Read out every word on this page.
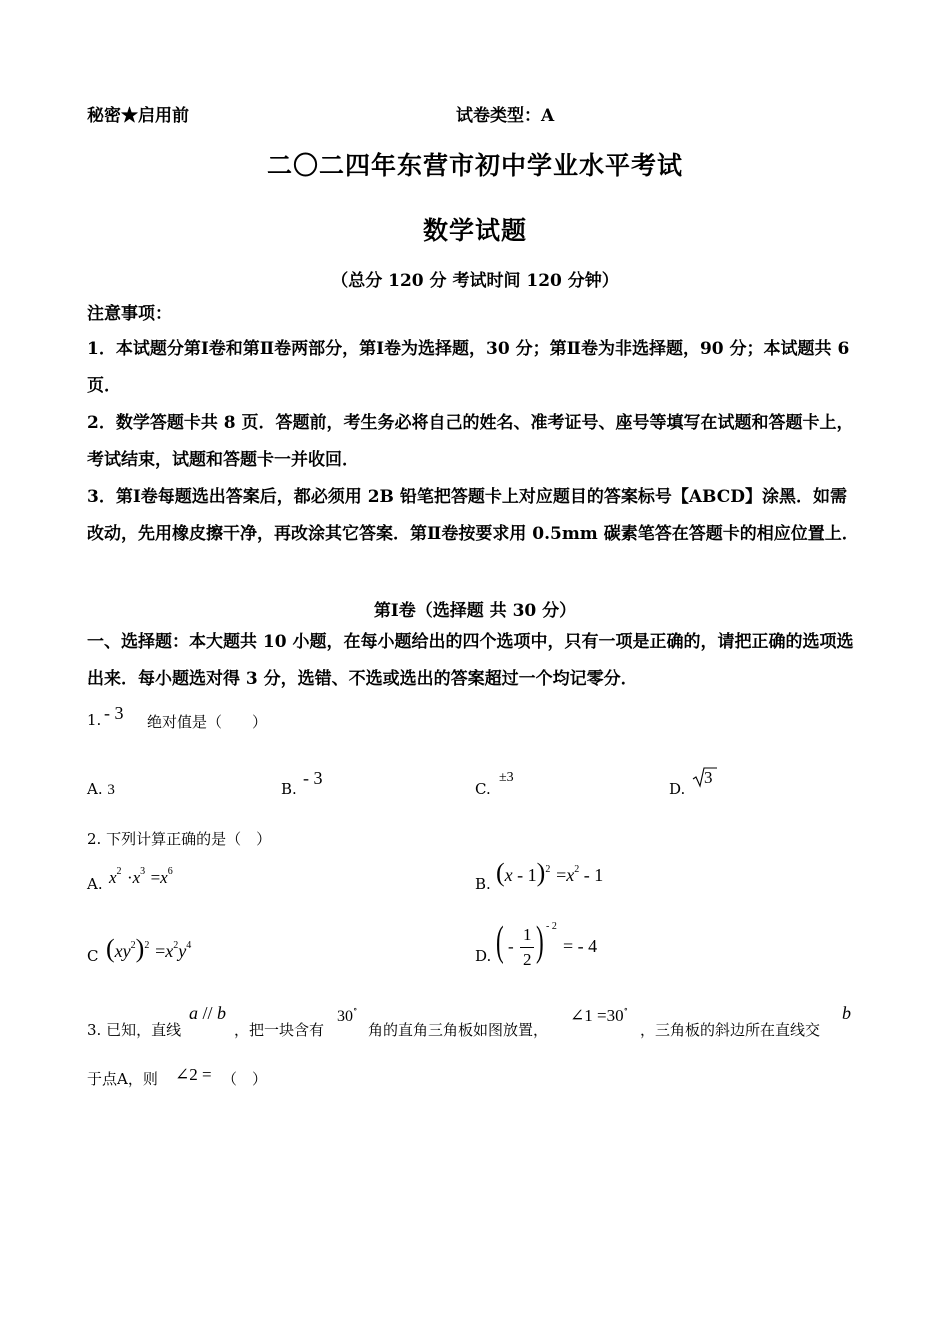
秘密★启用前	试卷类型：A
二〇二四年东营市初中学业水平考试
数学试题
（总分 120 分 考试时间 120 分钟）
注意事项：
1．本试题分第Ⅰ卷和第Ⅱ卷两部分，第Ⅰ卷为选择题，30 分；第Ⅱ卷为非选择题，90 分；本试题共 6 页．
2．数学答题卡共 8 页．答题前，考生务必将自己的姓名、准考证号、座号等填写在试题和答题卡上，考试结束，试题和答题卡一并收回．
3．第Ⅰ卷每题选出答案后，都必须用 2B 铅笔把答题卡上对应题目的答案标号【ABCD】涂黑．如需改动，先用橡皮擦干净，再改涂其它答案．第Ⅱ卷按要求用 0.5mm 碳素笔答在答题卡的相应位置上．
第Ⅰ卷（选择题 共 30 分）
一、选择题：本大题共 10 小题，在每小题给出的四个选项中，只有一项是正确的，请把正确的选项选出来．每小题选对得 3 分，选错、不选或选出的答案超过一个均记零分．
1. - 3 绝对值是（　　）
A. 3	B.
- 3
C.
±3
D.
3
2. 下列计算正确的是（　）
A. $x^2 \cdot x^3 =x^6$
B. $(x - 1)^2 =x^2 - 1$
C $(xy^2)^2 =x^2y^4$
D. ( -
1
2 ) - 2
= - 4
3. 已知，直线
a // b
，把一块含有
30∘
角的直角三角板如图放置，
∠1 =30∘
，三角板的斜边所在直线交
b
于点A，则 ∠2 = （　）
